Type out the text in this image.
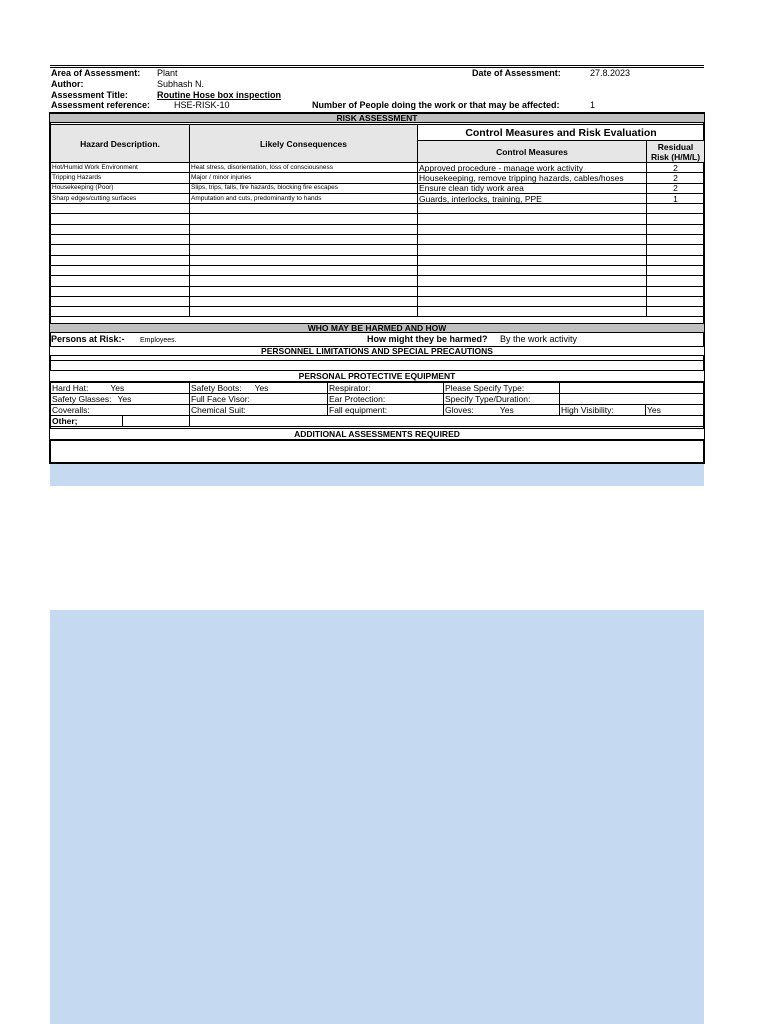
Area of Assessment: Plant	Date of Assessment:	27.8.2023
Author:	Subhash N.
Assessment Title:	Routine Hose box inspection
Assessment reference:	HSE-RISK-10	Number of People doing the work or that may be affected:	1
RISK ASSESSMENT
Hazard Description.	Likely Consequences	Control Measures and Risk Evaluation	
		Control Measures	Residual
Risk (H/M/L)
Hot/Humid Work Environment	Heat stress, disorientation, loss of consciousness	Approved procedure - manage work activity	2
Tripping Hazards	Major / minor injuries	Housekeeping, remove tripping hazards, cables/hoses	2
Housekeeping (Poor)	Slips, trips, falls, fire hazards, blocking fire escapes	Ensure clean tidy work area	2
Sharp edges/cutting surfaces	Amputation and cuts, predominantly to hands	Guards, interlocks, training, PPE	1

WHO MAY BE HARMED AND HOW
Persons at Risk:- Employees.	How might they be harmed? By the work activity
PERSONNEL LIMITATIONS AND SPECIAL PRECAUTIONS
PERSONAL PROTECTIVE EQUIPMENT
Hard Hat: Yes	Safety Boots: Yes	Respirator:	Please Specify Type:		
Safety Glasses: Yes	Full Face Visor:	Ear Protection:	Specify Type/Duration:		
Coveralls:	Chemical Suit:	Fall equipment:	Gloves: Yes	High Visibility:	Yes
Other;				

ADDITIONAL ASSESSMENTS REQUIRED
